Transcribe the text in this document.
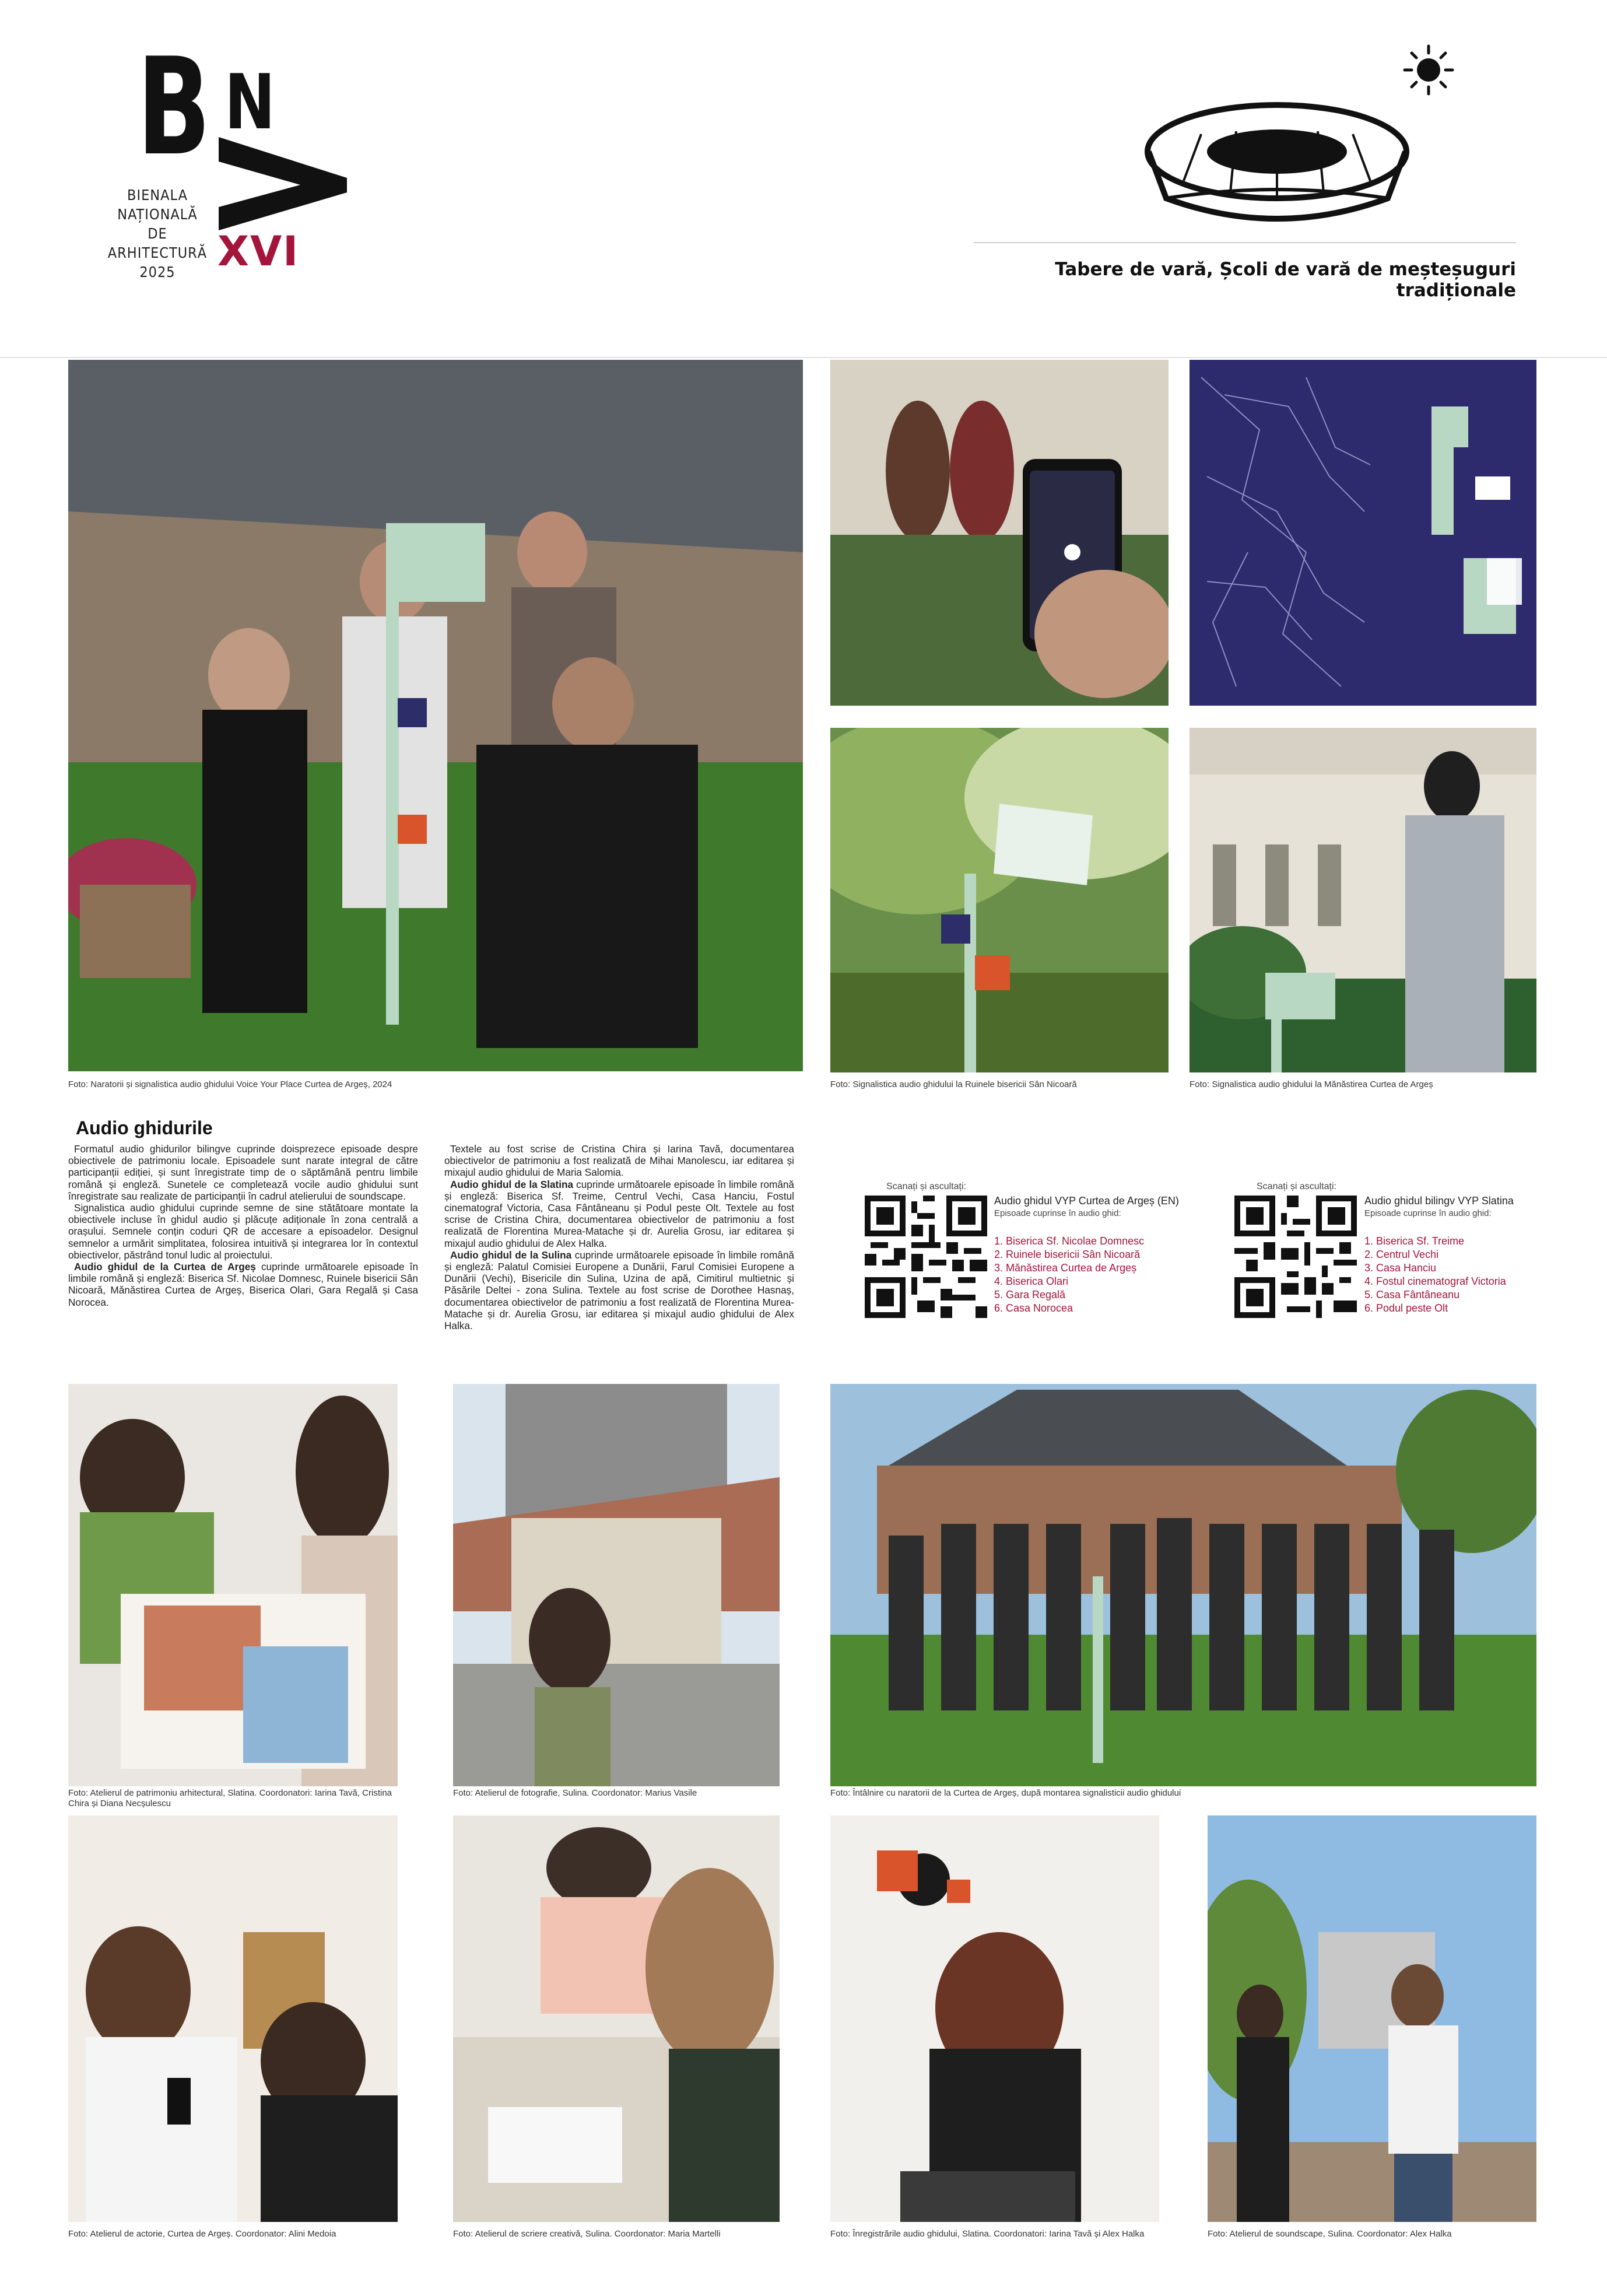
B N
BIENALA
NAȚIONALĂ
DE
ARHITECTURĂ
2025	XVI	Tabere de vară, Școli de vară de meșteșuguri tradiționale
Foto: Naratorii și signalistica audio ghidului Voice Your Place Curtea de Argeș, 2024	Foto: Signalistica audio ghidului la Ruinele bisericii Sân Nicoară	Foto: Signalistica audio ghidului la Mănăstirea Curtea de Argeș
Audio ghidurile

Formatul audio ghidurilor bilingve cuprinde doisprezece episoade despre obiectivele de patrimoniu locale. Episoadele sunt narate integral de către participanții ediției, și sunt înregistrate timp de o săptămână pentru limbile română și engleză. Sunetele ce completează vocile audio ghidului sunt înregistrate sau realizate de participanții în cadrul atelierului de soundscape.

Signalistica audio ghidului cuprinde semne de sine stătătoare montate la obiectivele incluse în ghidul audio și plăcuțe adiționale în zona centrală a orașului. Semnele conțin coduri QR de accesare a episoadelor. Designul semnelor a urmărit simplitatea, folosirea intuitivă și integrarea lor în contextul obiectivelor, păstrând tonul ludic al proiectului.

Audio ghidul de la Curtea de Argeș cuprinde următoarele episoade în limbile română și engleză: Biserica Sf. Nicolae Domnesc, Ruinele bisericii Sân Nicoară, Mănăstirea Curtea de Argeș, Biserica Olari, Gara Regală și Casa Norocea.

Textele au fost scrise de Cristina Chira și Iarina Tavă, documentarea obiectivelor de patrimoniu a fost realizată de Mihai Manolescu, iar editarea și mixajul audio ghidului de Maria Salomia.

Audio ghidul de la Slatina cuprinde următoarele episoade în limbile română și engleză: Biserica Sf. Treime, Centrul Vechi, Casa Hanciu, Fostul cinematograf Victoria, Casa Fântâneanu și Podul peste Olt. Textele au fost scrise de Cristina Chira, documentarea obiectivelor de patrimoniu a fost realizată de Florentina Murea-Matache și dr. Aurelia Grosu, iar editarea și mixajul audio ghidului de Alex Halka.

Audio ghidul de la Sulina cuprinde următoarele episoade în limbile română și engleză: Palatul Comisiei Europene a Dunării, Farul Comisiei Europene a Dunării (Vechi), Bisericile din Sulina, Uzina de apă, Cimitirul multietnic și Păsările Deltei - zona Sulina. Textele au fost scrise de Dorothee Hasnaș, documentarea obiectivelor de patrimoniu a fost realizată de Florentina Murea-Matache și dr. Aurelia Grosu, iar editarea și mixajul audio ghidului de Alex Halka.

Scanați și ascultați:
Audio ghidul VYP Curtea de Argeș (EN)
Episoade cuprinse în audio ghid:
1. Biserica Sf. Nicolae Domnesc
2. Ruinele bisericii Sân Nicoară
3. Mănăstirea Curtea de Argeș
4. Biserica Olari
5. Gara Regală
6. Casa Norocea
Scanați și ascultați:
Audio ghidul bilingv VYP Slatina
Episoade cuprinse în audio ghid:
1. Biserica Sf. Treime
2. Centrul Vechi
3. Casa Hanciu
4. Fostul cinematograf Victoria
5. Casa Fântâneanu
6. Podul peste Olt
Foto: Atelierul de patrimoniu arhitectural, Slatina. Coordonatori: Iarina Tavă, Cristina Chira și Diana Necșulescu
Foto: Atelierul de fotografie, Sulina. Coordonator: Marius Vasile	Foto: Întâlnire cu naratorii de la Curtea de Argeș, după montarea signalisticii audio ghidului
Foto: Atelierul de actorie, Curtea de Argeș. Coordonator: Alini Medoia	Foto: Atelierul de scriere creativă, Sulina. Coordonator: Maria Martelli	Foto: Înregistrările audio ghidului, Slatina. Coordonatori: Iarina Tavă și Alex Halka	Foto: Atelierul de soundscape, Sulina. Coordonator: Alex Halka
